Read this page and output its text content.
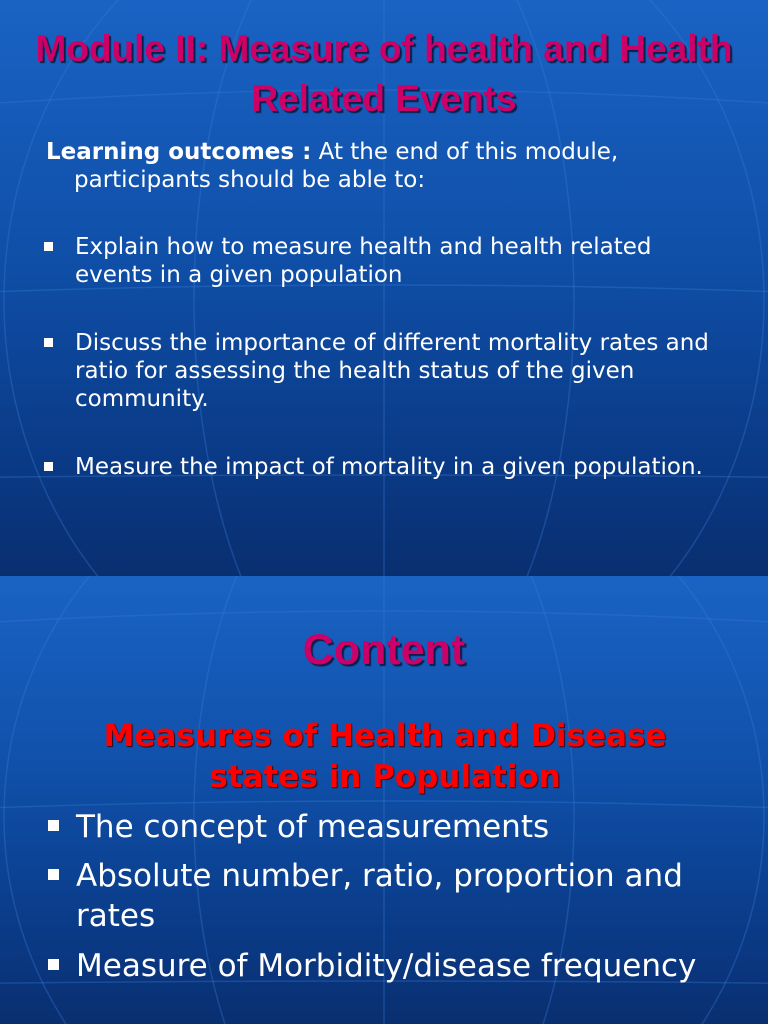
Module II: Measure of health and Health Related Events
Learning outcomes : At the end of this module,
participants should be able to:
Explain how to measure health and health related events in a given population
Discuss the importance of different mortality rates and ratio for assessing the health status of the given community.
Measure the impact of mortality in a given population.
Content
Measures of Health and Disease states in Population
The concept of measurements
Absolute number, ratio, proportion and rates
Measure of Morbidity/disease frequency
